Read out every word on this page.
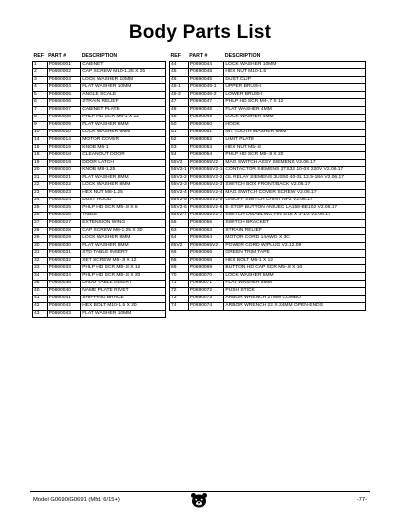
Body Parts List
REF	PART #	DESCRIPTION
1	P0690001	CABINET
2	P0690002	CAP SCREW M10-1.25 X 25
3	P0690003	LOCK WASHER 10MM
4	P0690004	FLAT WASHER 10MM
5	P0690005	ANGLE SCALE
6	P0690006	STRAIN RELIEF
7	P0690007	CABINET PLATE
8	P0690008	PHLP HD SCR M6-1 X 12
9	P0690009	FLAT WASHER 6MM
10	P0690010	LOCK WASHER 6MM
14	P0690014	MOTOR COVER
15	P0690015	KNOB M6-1
18	P0690018	CLEANOUT DOOR
19	P0690019	DOOR LATCH
20	P0690020	KNOB M8-1.25
21	P0690021	FLAT WASHER 8MM
22	P0690022	LOCK WASHER 8MM
23	P0690023	HEX NUT M8-1.25
24	P0690024	DUST HOOD
25	P0690025	PHLP HD SCR M5-.8 X 8
26	P0690026	TABLE
27	P0690027	EXTENSION WING
28	P0690028	CAP SCREW M8-1.25 X 30
29	P0690029	LOCK WASHER 8MM
30	P0690030	FLAT WASHER 8MM
31	P0690031	STD TABLE INSERT
32	P0690032	SET SCREW M5-.8 X 12
33	P0690033	PHLP HD SCR M5-.8 X 12
34	P0690034	PHLP HD SCR M5-.8 X 20
36	P0690036	DADO TABLE INSERT
40	P0690040	NAME PLATE RIVET
41	P0690041	SHIPPING BRACE
42	P0690042	HEX BOLT M10-1.5 X 20
43	P0690043	FLAT WASHER 10MM
REF	PART #	DESCRIPTION
44	P0690044	LOCK WASHER 10MM
45	P0690045	HEX NUT M10-1.5
46	P0690046	DUST CLIP
46-1	P0690046-1	UPPER BRUSH
46-2	P0690046-2	LOWER BRUSH
47	P0690047	PHLP HD SCR M4-.7 X 12
48	P0690048	FLAT WASHER 4MM
49	P0690049	LOCK WASHER 4MM
50	P0690050	HOOK
51	P0690051	INT TOOTH WASHER 6MM
52	P0690052	LIMIT PLATE
53	P0690053	HEX NUT M5-.8
54	P0690054	PHLP HD SCR M5-.8 X 20
55V2	P0690055V2	MAG SWITCH ASSY SIEMENS V2.06.17
55V2-1	P0690055V2-1	CONTACTOR SIEMENS 3TS32 10-0X 220V V2.06.17
55V2-2	P0690055V2-2	OL RELAY SIEMENS 3US50 40-2L 12.5-18A V2.06.17
55V2-3	P0690055V2-3	SWITCH BOX FRONT/BACK V2.06.17
55V2-4	P0690055V2-4	MAG SWITCH COVER SCREW V2.06.17
55V2-5	P0690055V2-5	ON/OFF SWITCH CHINT NP2 V2.06.17
55V2-6	P0690055V2-6	E-STOP BUTTON ANIUEC LA158-BE102 V2.06.17
55V2-7	P0690055V2-7	SWITCH DISABLING PIN 3/16 X 3-1/2 V2.06.17
56	P0690056	SWITCH BRACKET
63	P0690063	STRAIN RELIEF
64	P0690064	MOTOR CORD 14AWG X 3C
65V2	P0690065V2	POWER CORD W/PLUG V2.12.09
66	P0690066	GREEN TRIM TAPE
68	P0690068	HEX BOLT M6-1 X 12
69	P0690069	BUTTON HD CAP SCR M5-.8 X 16
70	P0690070	LOCK WASHER 5MM
71	P0690071	FLAT WASHER 5MM
72	P0690072	PUSH STICK
73	P0690073	ARBOR WRENCH 27MM COMBO
74	P0690074	ARBOR WRENCH 22 X 24MM OPEN-ENDS
Model G0690/G0691 (Mfd. 6/15+)	-77-
